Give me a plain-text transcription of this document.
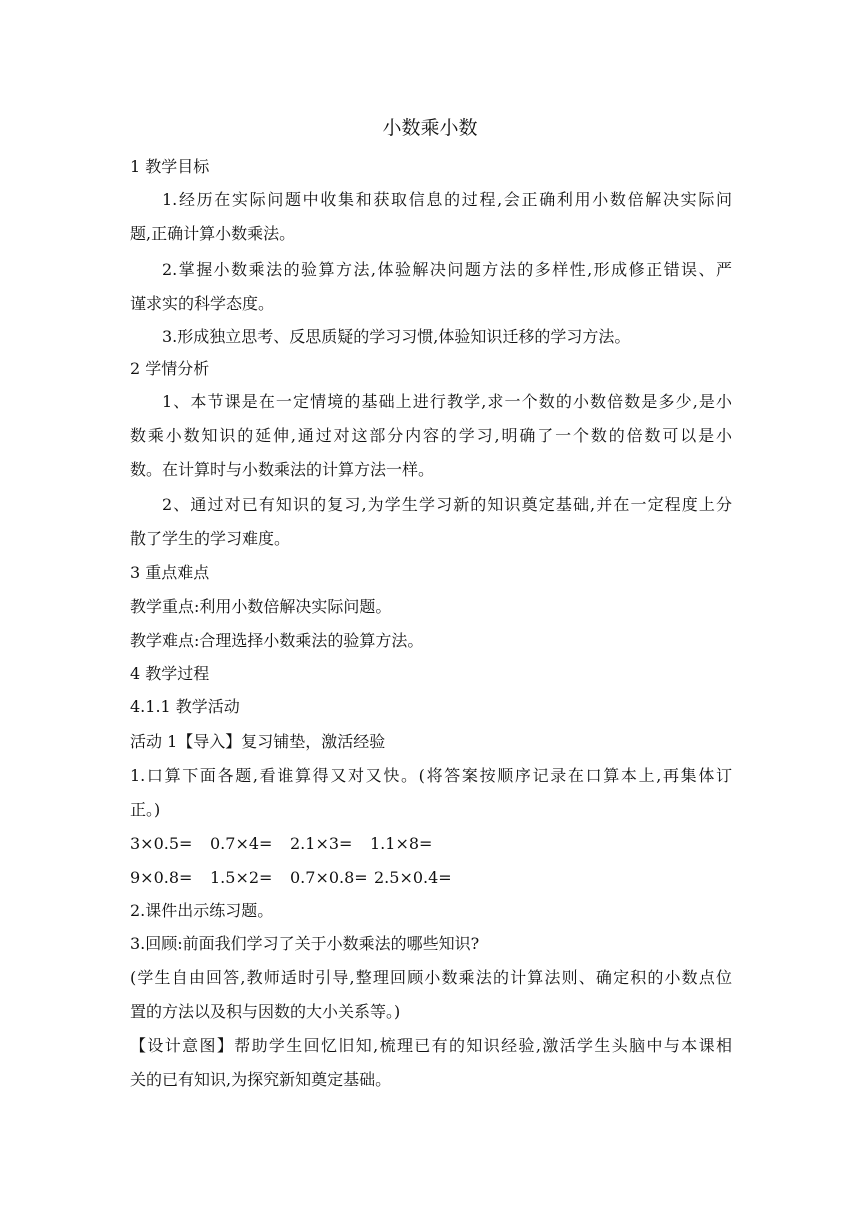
小数乘小数
1 教学目标
1.经历在实际问题中收集和获取信息的过程,会正确利用小数倍解决实际问
题,正确计算小数乘法。
2.掌握小数乘法的验算方法,体验解决问题方法的多样性,形成修正错误、严
谨求实的科学态度。
3.形成独立思考、反思质疑的学习习惯,体验知识迁移的学习方法。
2 学情分析
1、本节课是在一定情境的基础上进行教学,求一个数的小数倍数是多少,是小
数乘小数知识的延伸,通过对这部分内容的学习,明确了一个数的倍数可以是小
数。在计算时与小数乘法的计算方法一样。
2、通过对已有知识的复习,为学生学习新的知识奠定基础,并在一定程度上分
散了学生的学习难度。
3 重点难点
教学重点:利用小数倍解决实际问题。
教学难点:合理选择小数乘法的验算方法。
4 教学过程
4.1.1 教学活动
活动 1【导入】复习铺垫，激活经验
1.口算下面各题,看谁算得又对又快。(将答案按顺序记录在口算本上,再集体订
正。)
3×0.5=	0.7×4=	2.1×3=	1.1×8=
9×0.8=	1.5×2=	0.7×0.8= 2.5×0.4=
2.课件出示练习题。
3.回顾:前面我们学习了关于小数乘法的哪些知识?
(学生自由回答,教师适时引导,整理回顾小数乘法的计算法则、确定积的小数点位
置的方法以及积与因数的大小关系等。)
【设计意图】帮助学生回忆旧知,梳理已有的知识经验,激活学生头脑中与本课相
关的已有知识,为探究新知奠定基础。
